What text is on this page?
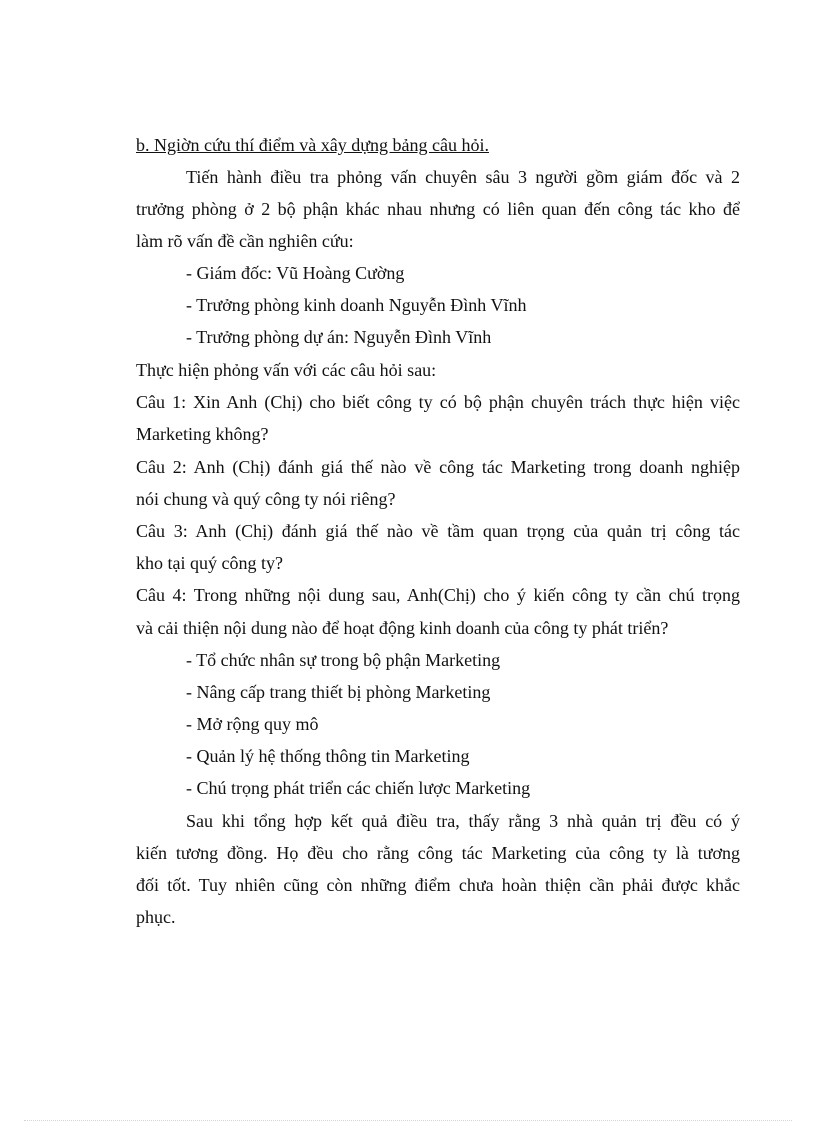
b. Ngiờn cứu thí điểm và xây dựng bảng câu hỏi.
Tiến hành điều tra phỏng vấn chuyên sâu 3 người gồm giám đốc và 2
trưởng phòng ở 2 bộ phận khác nhau nhưng có liên quan đến công tác kho để
làm rõ vấn đề cần nghiên cứu:
- Giám đốc: Vũ Hoàng Cường
- Trưởng phòng kinh doanh Nguyễn Đình Vĩnh
- Trưởng phòng dự án: Nguyễn Đình Vĩnh
Thực hiện phỏng vấn với các câu hỏi sau:
Câu 1: Xin Anh (Chị) cho biết công ty có bộ phận chuyên trách thực hiện việc
Marketing không?
Câu 2: Anh (Chị) đánh giá thế nào về công tác Marketing trong doanh nghiệp
nói chung và quý công ty nói riêng?
Câu 3: Anh (Chị) đánh giá thế nào về tầm quan trọng của quản trị công tác
kho tại quý công ty?
Câu 4: Trong những nội dung sau, Anh(Chị) cho ý kiến công ty cần chú trọng
và cải thiện nội dung nào để hoạt động kinh doanh của công ty phát triển?
- Tổ chức nhân sự trong bộ phận Marketing
- Nâng cấp trang thiết bị phòng Marketing
- Mở rộng quy mô
- Quản lý hệ thống thông tin Marketing
- Chú trọng phát triển các chiến lược Marketing
Sau khi tổng hợp kết quả điều tra, thấy rằng 3 nhà quản trị đều có ý
kiến tương đồng. Họ đều cho rằng công tác Marketing của công ty là tương
đối tốt. Tuy nhiên cũng còn những điểm chưa hoàn thiện cần phải được khắc
phục.
